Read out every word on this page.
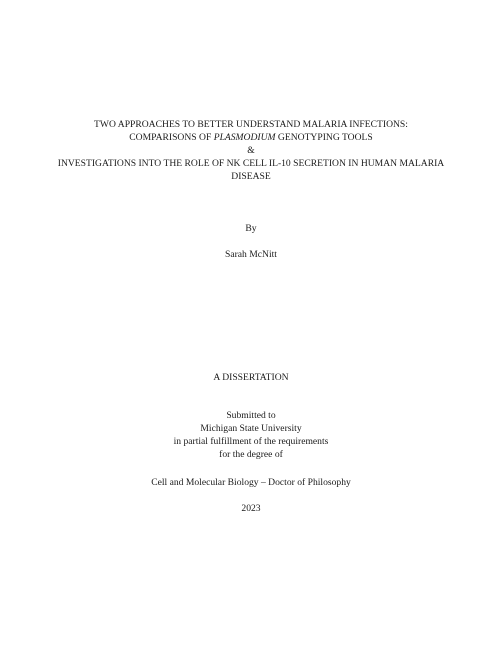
TWO APPROACHES TO BETTER UNDERSTAND MALARIA INFECTIONS:
COMPARISONS OF PLASMODIUM GENOTYPING TOOLS
&
INVESTIGATIONS INTO THE ROLE OF NK CELL IL-10 SECRETION IN HUMAN MALARIA
DISEASE
By
Sarah McNitt
A DISSERTATION
Submitted to
Michigan State University
in partial fulfillment of the requirements
for the degree of
Cell and Molecular Biology – Doctor of Philosophy
2023
